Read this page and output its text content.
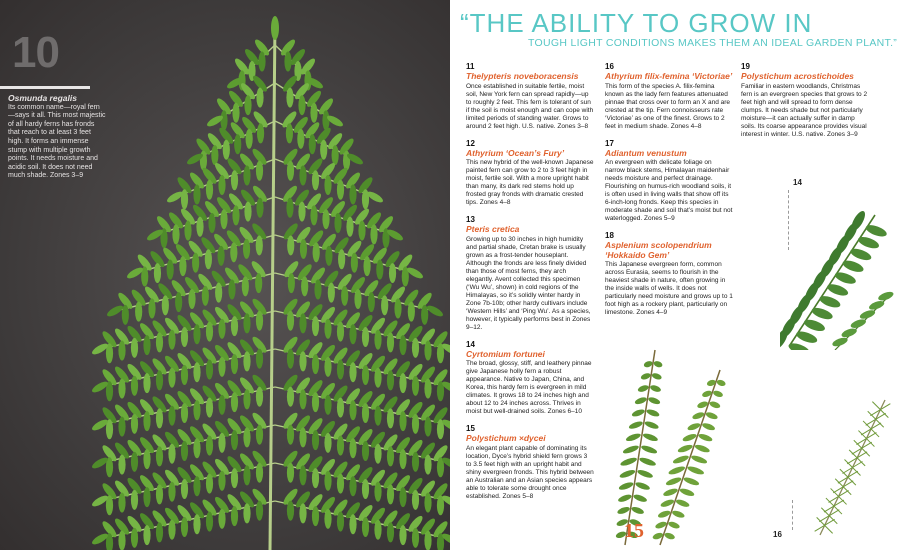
10
Osmunda regalis
Its common name—royal fern—says it all. This most majestic of all hardy ferns has fronds that reach to at least 3 feet high. It forms an immense stump with multiple growth points. It needs moisture and acidic soil. It does not need much shade. Zones 3–9
“THE ABILITY TO GROW IN
TOUGH LIGHT CONDITIONS MAKES THEM AN IDEAL GARDEN PLANT.”
11
Thelypteris noveboracensis
Once established in suitable fertile, moist soil, New York fern can spread rapidly—up to roughly 2 feet. This fern is tolerant of sun if the soil is moist enough and can cope with limited periods of standing water. Grows to around 2 feet high. U.S. native. Zones 3–8
12
Athyrium ‘Ocean’s Fury’
This new hybrid of the well-known Japanese painted fern can grow to 2 to 3 feet high in moist, fertile soil. With a more upright habit than many, its dark red stems hold up frosted gray fronds with dramatic crested tips. Zones 4–8
13
Pteris cretica
Growing up to 30 inches in high humidity and partial shade, Cretan brake is usually grown as a frost-tender houseplant. Although the fronds are less finely divided than those of most ferns, they arch elegantly. Avent collected this specimen (‘Wu Wu’, shown) in cold regions of the Himalayas, so it’s solidly winter hardy in Zone 7b-10b; other hardy cultivars include ‘Western Hills’ and ‘Ping Wu’. As a species, however, it typically performs best in Zones 9–12.
14
Cyrtomium fortunei
The broad, glossy, stiff, and leathery pinnae give Japanese holly fern a robust appearance. Native to Japan, China, and Korea, this hardy fern is evergreen in mild climates. It grows 18 to 24 inches high and about 12 to 24 inches across. Thrives in moist but well-drained soils. Zones 6–10
15
Polystichum ×dycei
An elegant plant capable of dominating its location, Dyce’s hybrid shield fern grows 3 to 3.5 feet high with an upright habit and shiny evergreen fronds. This hybrid between an Australian and an Asian species appears able to tolerate some drought once established. Zones 5–8
16
Athyrium filix-femina ‘Victoriae’
This form of the species A. filix-femina known as the lady fern features attenuated pinnae that cross over to form an X and are crested at the tip. Fern connoisseurs rate ‘Victoriae’ as one of the finest. Grows to 2 feet in medium shade. Zones 4–8
17
Adiantum venustum
An evergreen with delicate foliage on narrow black stems, Himalayan maidenhair needs moisture and perfect drainage. Flourishing on humus-rich woodland soils, it is often used in living walls that show off its 6-inch-long fronds. Keep this species in moderate shade and soil that’s moist but not waterlogged. Zones 5–9
18
Asplenium scolopendrium ‘Hokkaido Gem’
This Japanese evergreen form, common across Eurasia, seems to flourish in the heaviest shade in nature, often growing in the inside walls of wells. It does not particularly need moisture and grows up to 1 foot high as a rockery plant, particularly on limestone. Zones 4–9
19
Polystichum acrostichoides
Familiar in eastern woodlands, Christmas fern is an evergreen species that grows to 2 feet high and will spread to form dense clumps. It needs shade but not particularly moisture—it can actually suffer in damp soils. Its coarse appearance provides visual interest in winter. U.S. native. Zones 3–9
14
16
15
